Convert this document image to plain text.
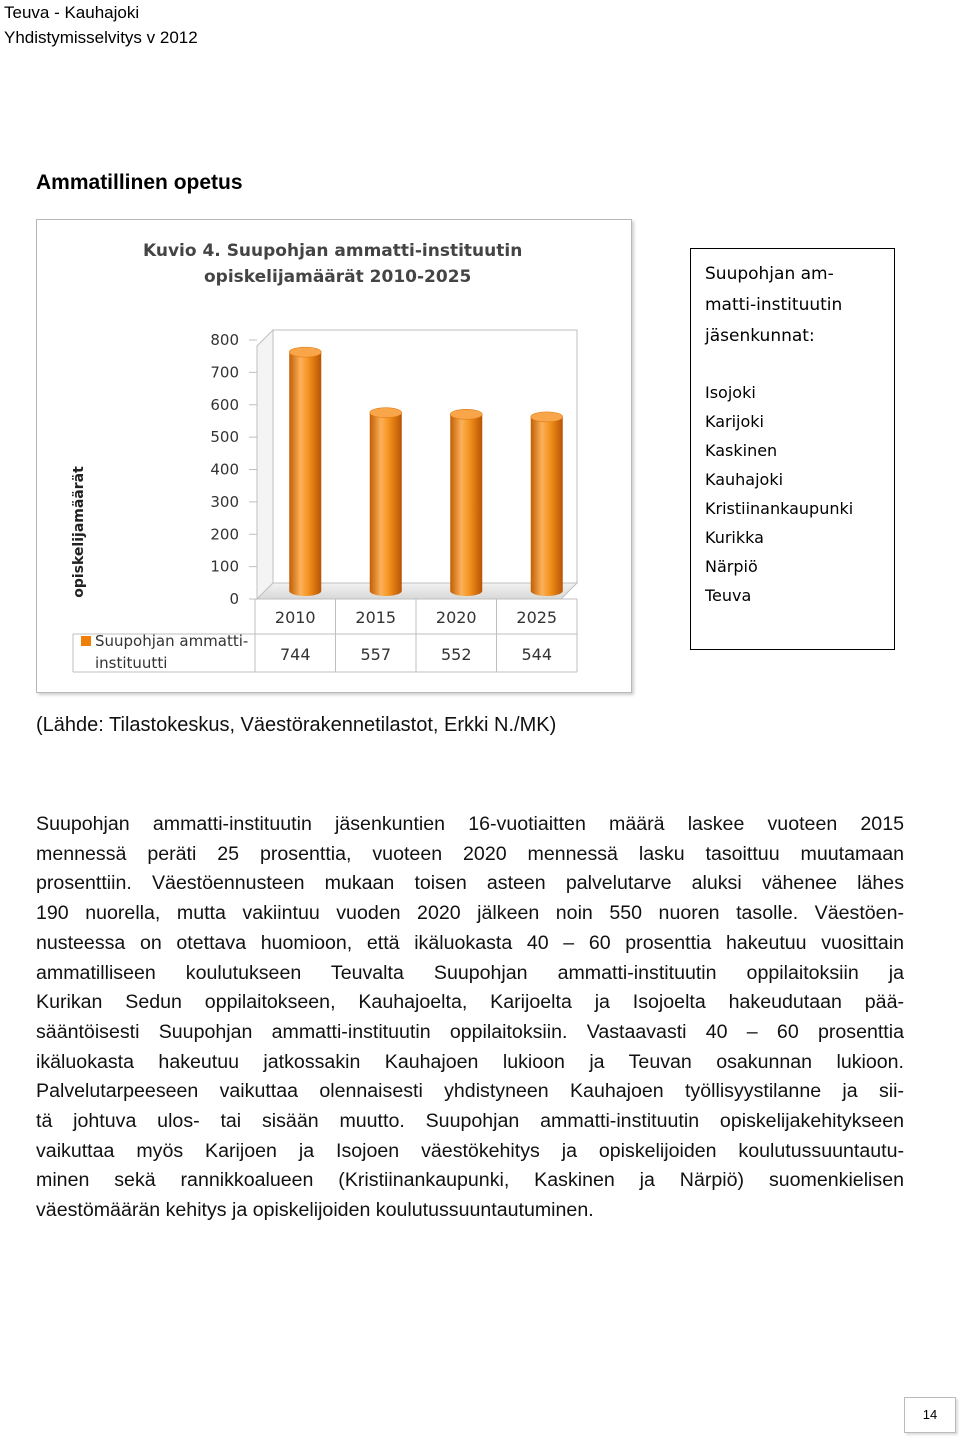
Teuva - Kauhajoki
Yhdistymisselvitys v 2012
Ammatillinen opetus
Kuvio 4. Suupohjan ammatti-instituutin
opiskelijamäärät 2010-2025
opiskelijamäärät
0
100
200
300
400
500
600
700
800
2010
744
2015
557
2020
552
2025
544
Suupohjan ammatti-
instituutti
Suupohjan am-
matti-instituutin
jäsenkunnat:
Isojoki
Karijoki
Kaskinen
Kauhajoki
Kristiinankaupunki
Kurikka
Närpiö
Teuva
(Lähde: Tilastokeskus, Väestörakennetilastot, Erkki N./MK)
Suupohjan ammatti-instituutin jäsenkuntien 16-vuotiaitten määrä laskee vuoteen 2015
mennessä peräti 25 prosenttia, vuoteen 2020 mennessä lasku tasoittuu muutamaan
prosenttiin. Väestöennusteen mukaan toisen asteen palvelutarve aluksi vähenee lähes
190 nuorella, mutta vakiintuu vuoden 2020 jälkeen noin 550 nuoren tasolle. Väestöen-
nusteessa on otettava huomioon, että ikäluokasta 40 – 60 prosenttia hakeutuu vuosittain
ammatilliseen koulutukseen Teuvalta Suupohjan ammatti-instituutin oppilaitoksiin ja
Kurikan Sedun oppilaitokseen, Kauhajoelta, Karijoelta ja Isojoelta hakeudutaan pää-
sääntöisesti Suupohjan ammatti-instituutin oppilaitoksiin. Vastaavasti 40 – 60 prosenttia
ikäluokasta hakeutuu jatkossakin Kauhajoen lukioon ja Teuvan osakunnan lukioon.
Palvelutarpeeseen vaikuttaa olennaisesti yhdistyneen Kauhajoen työllisyystilanne ja sii-
tä johtuva ulos- tai sisään muutto. Suupohjan ammatti-instituutin opiskelijakehitykseen
vaikuttaa myös Karijoen ja Isojoen väestökehitys ja opiskelijoiden koulutussuuntautu-
minen sekä rannikkoalueen (Kristiinankaupunki, Kaskinen ja Närpiö) suomenkielisen
väestömäärän kehitys ja opiskelijoiden koulutussuuntautuminen.
14
